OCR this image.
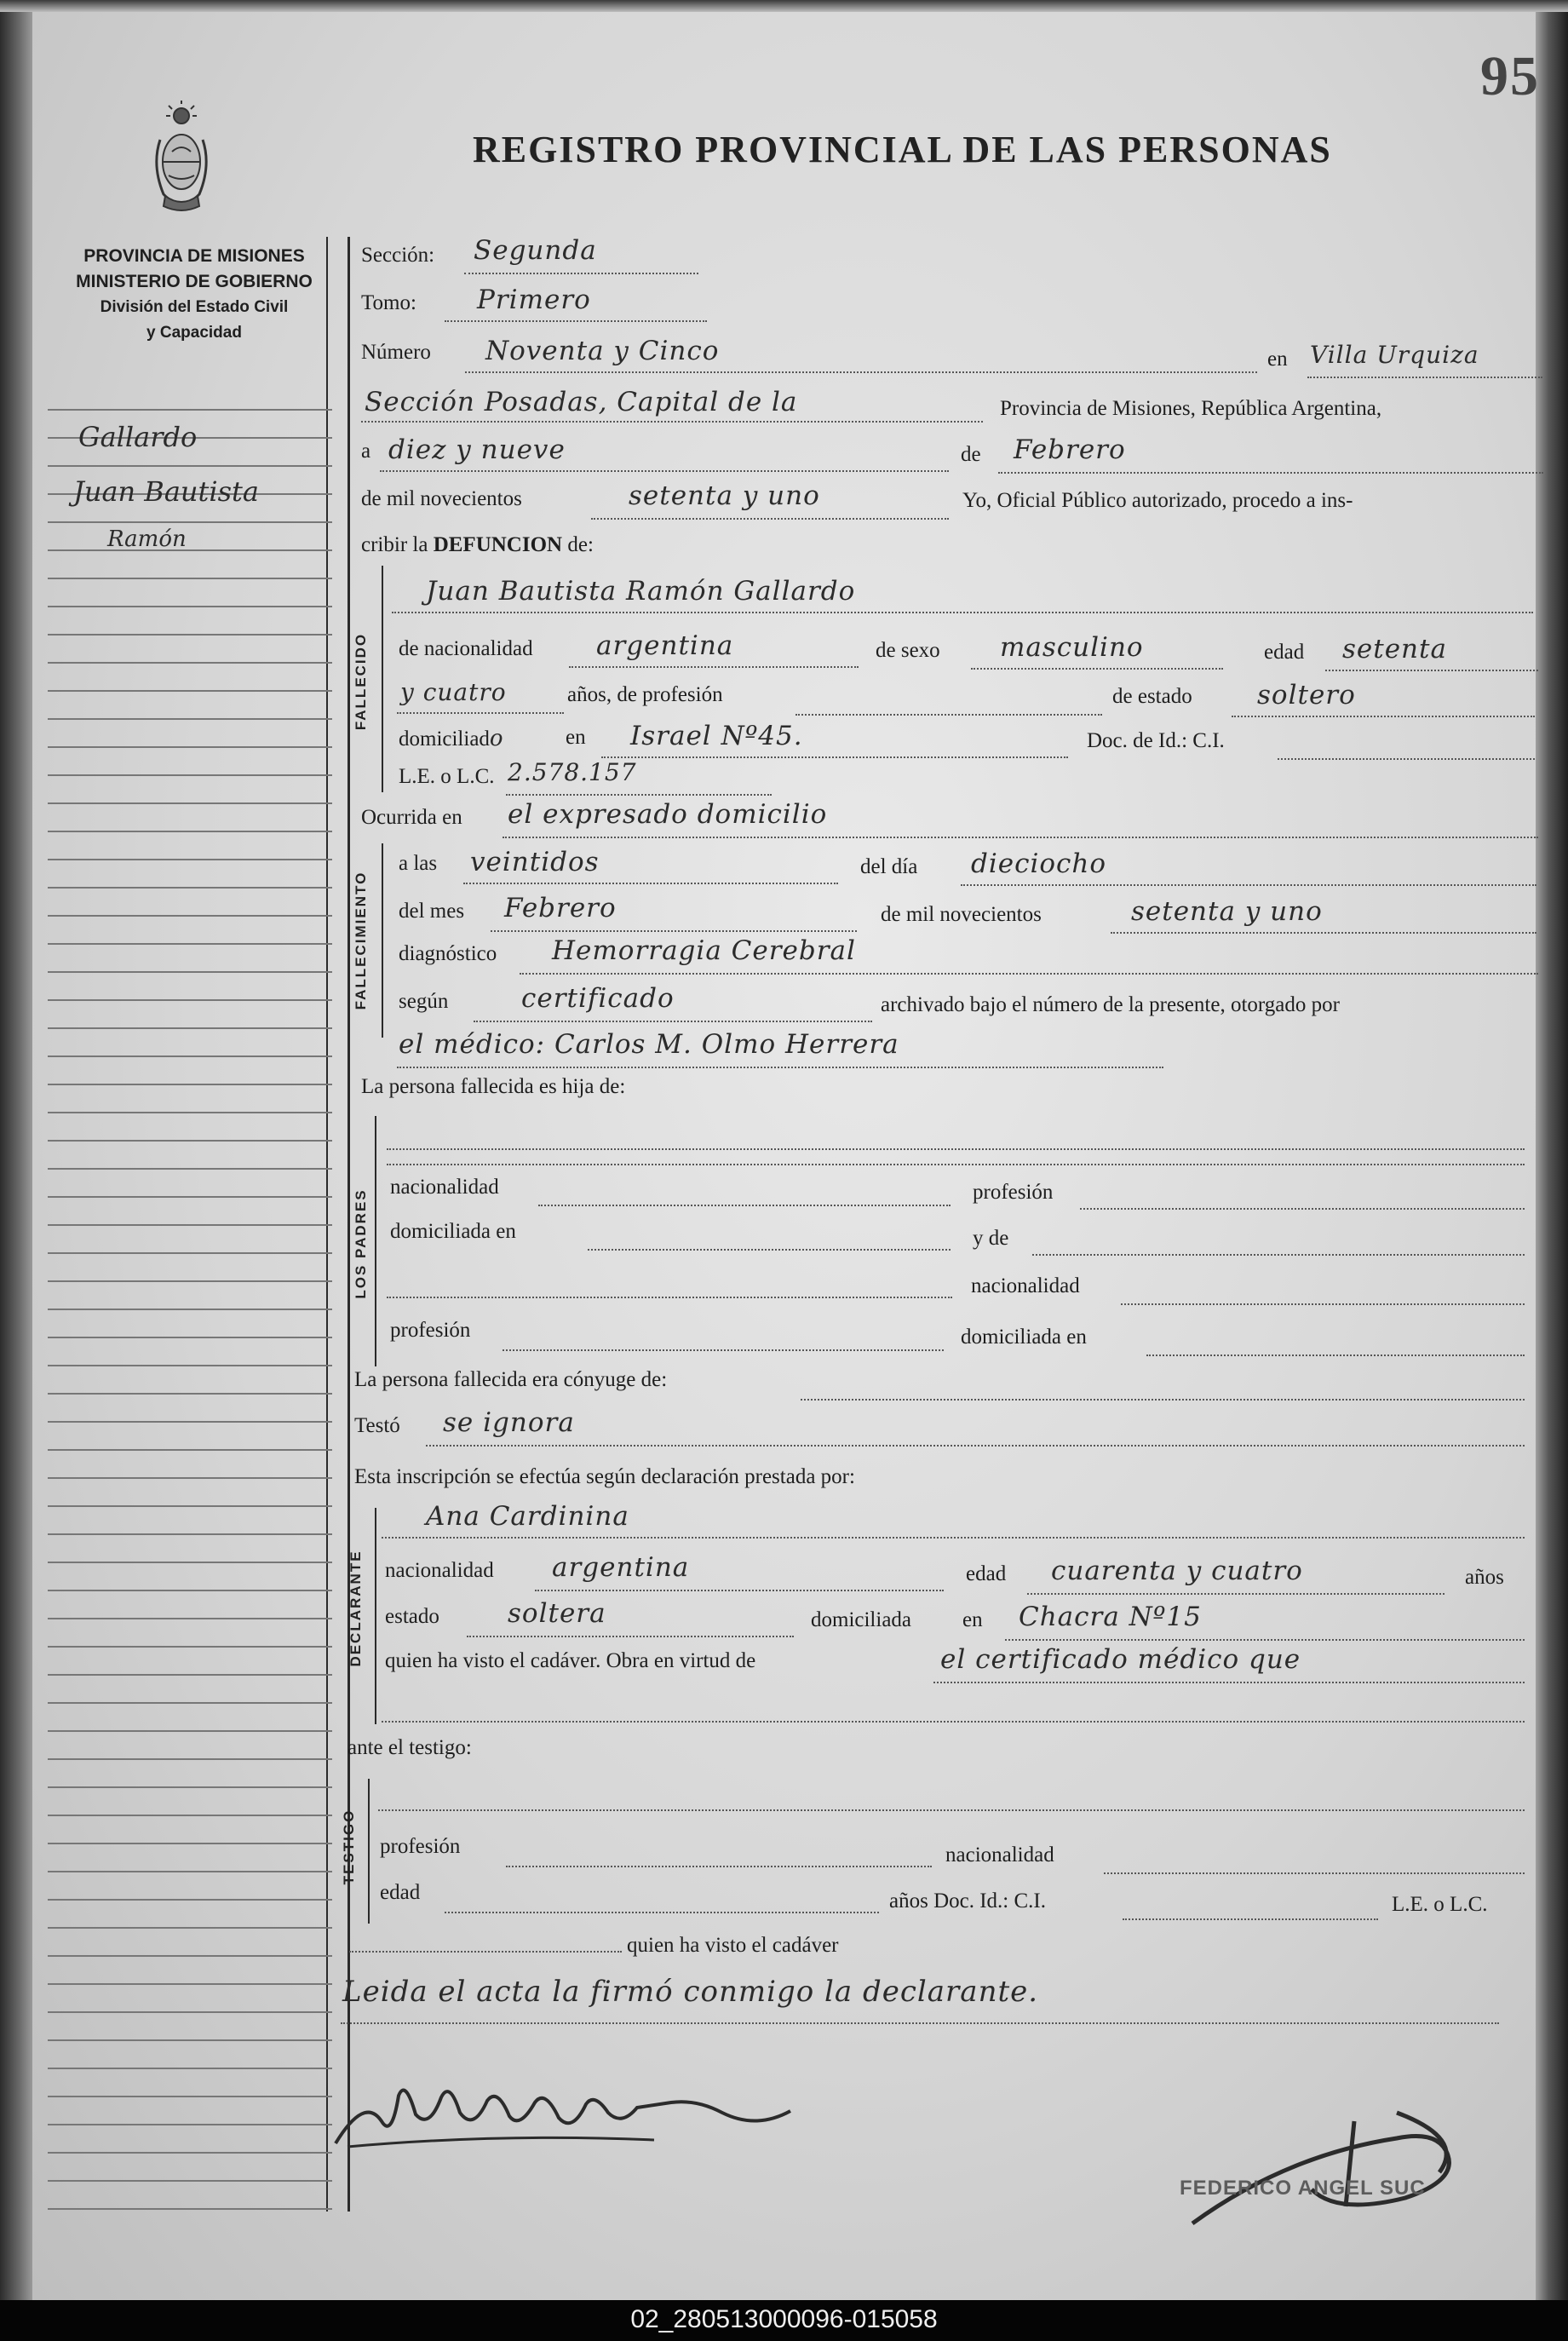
95
PROVINCIA DE MISIONES
MINISTERIO DE GOBIERNO
División del Estado Civil
y Capacidad
REGISTRO PROVINCIAL DE LAS PERSONAS
Gallardo
Juan Bautista
Ramón
Sección: Segunda
Tomo: Primero
Número Noventa y Cinco	en Villa Urquiza
Sección Posadas, Capital de la	Provincia de Misiones, República Argentina,
a diez y nueve	de Febrero
de mil novecientos	setenta y uno	Yo, Oficial Público autorizado, procedo a ins-
cribir la DEFUNCION de:
FALLECIDO
Juan Bautista Ramón Gallardo
de nacionalidad argentina	de sexo masculino	edad setenta
y cuatro	años, de profesión	de estado soltero
domiciliado	en Israel Nº45.	Doc. de Id.: C.I.
L.E. o L.C. 2.578.157
Ocurrida en el expresado domicilio
FALLECIMIENTO
a las veintidos	del día dieciocho
del mes Febrero	de mil novecientos	setenta y uno
diagnóstico Hemorragia Cerebral
según	certificado	archivado bajo el número de la presente, otorgado por
el médico: Carlos M. Olmo Herrera
La persona fallecida es hija de:
LOS PADRES
nacionalidad	profesión
domiciliada en	y de
nacionalidad
profesión	domiciliada en
La persona fallecida era cónyuge de:
Testó se ignora
Esta inscripción se efectúa según declaración prestada por:
DECLARANTE
Ana Cardinina
nacionalidad argentina	edad cuarenta y cuatro	años
estado	soltera	domiciliada en Chacra Nº15
quien ha visto el cadáver. Obra en virtud de	el certificado médico que
ante el testigo:
TESTIGO profesión	nacionalidad
edad	años Doc. Id.: C.I.	L.E. o L.C.
quien ha visto el cadáver
Leida el acta la firmó conmigo la declarante.
FEDERICO ANGEL SUC
02_280513000096-015058
